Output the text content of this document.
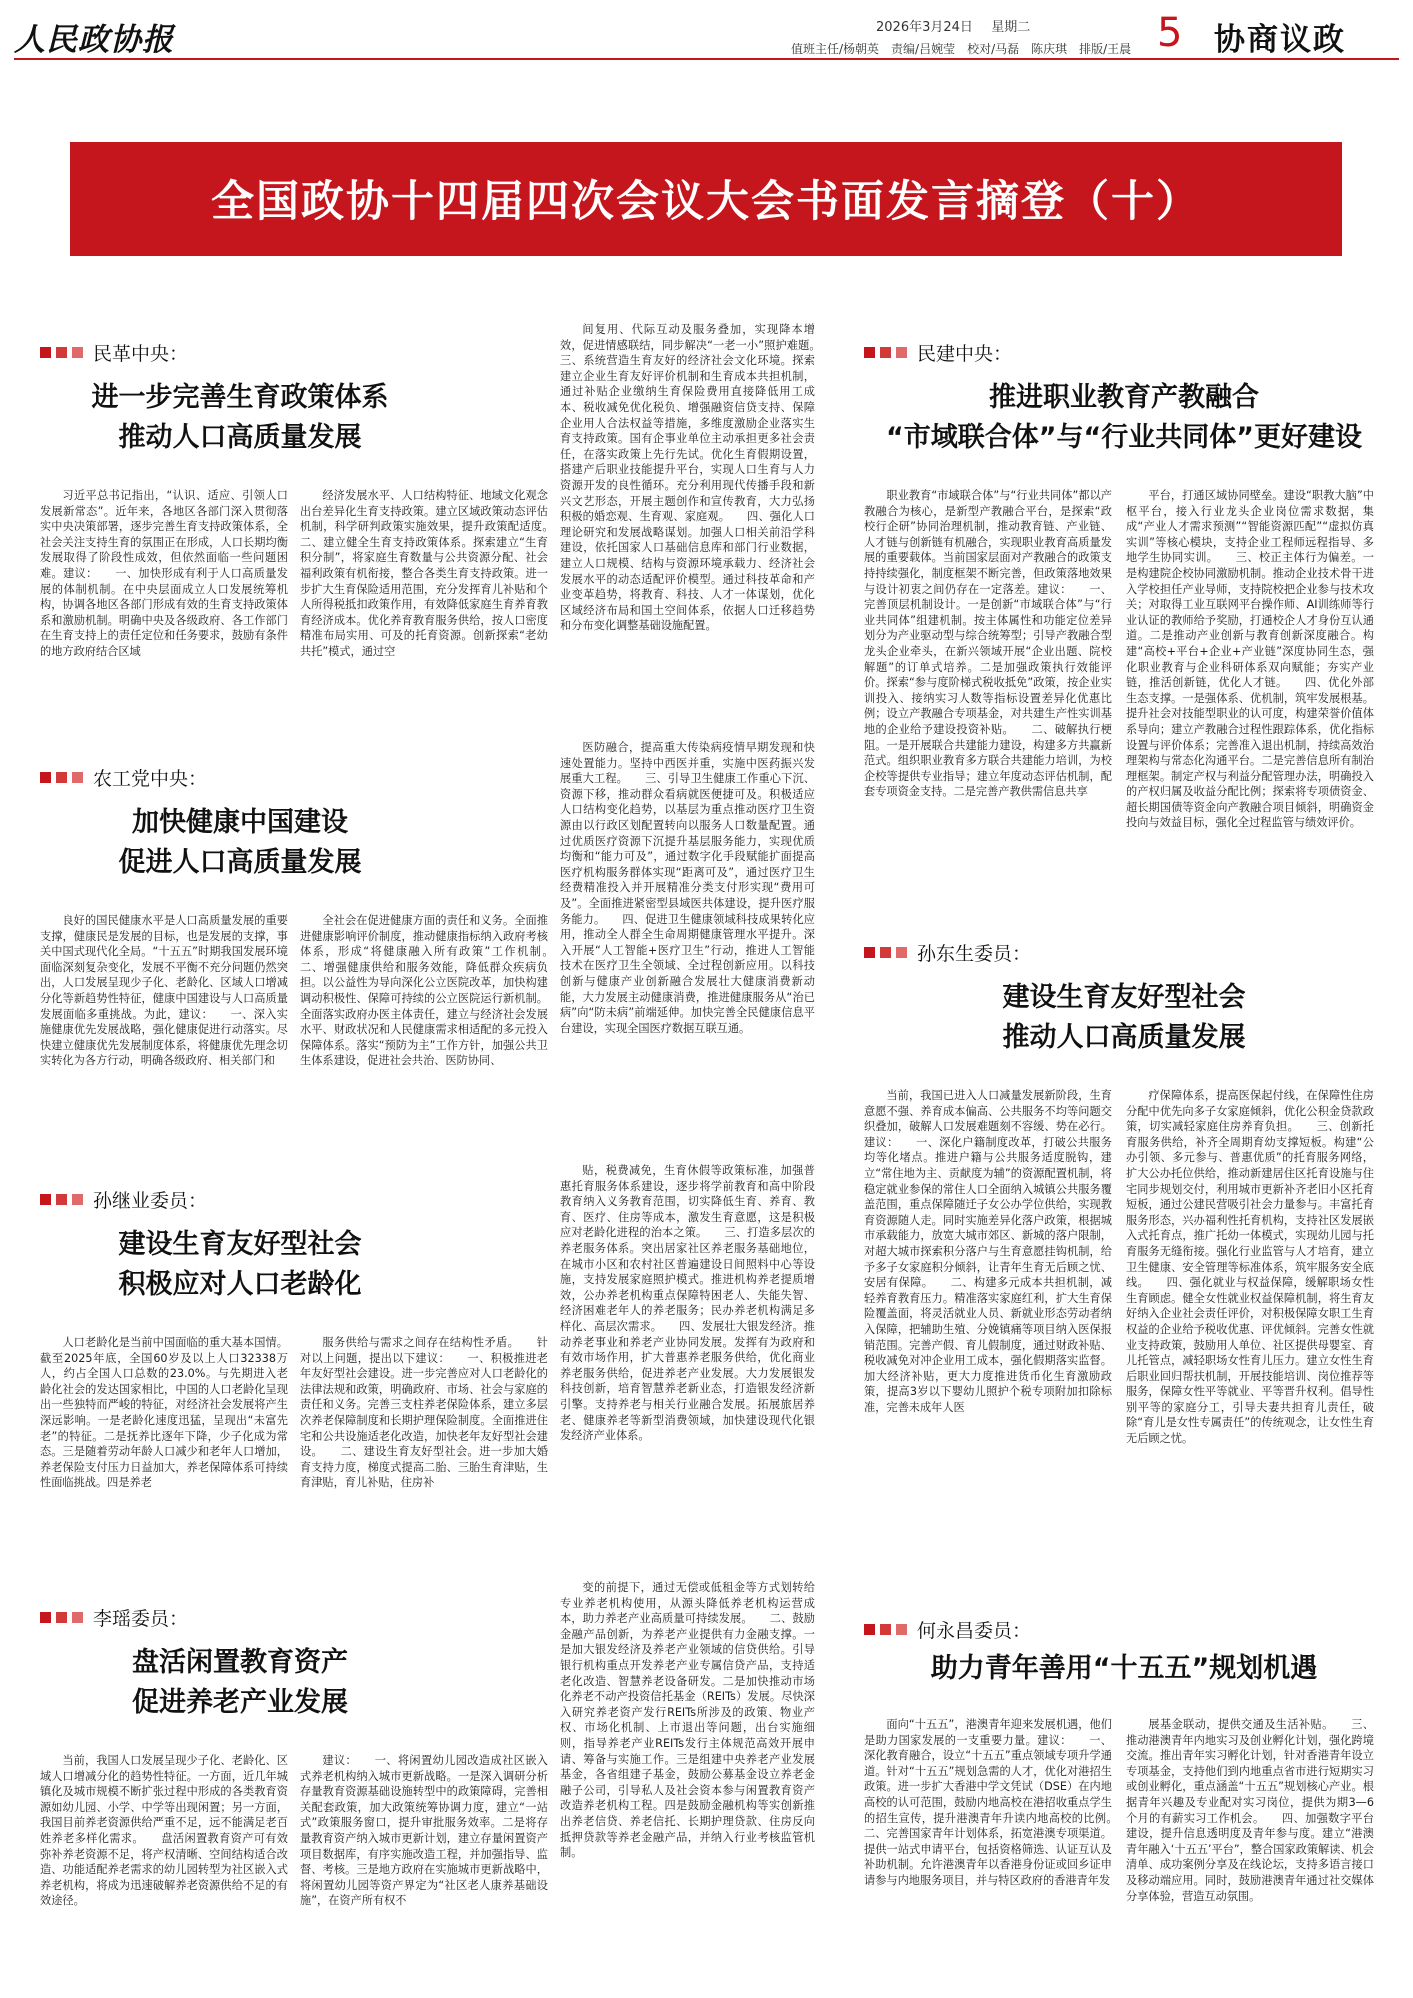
人民政协报	2026年3月24日 星期二
值班主任/杨朝英　责编/吕婉莹　校对/马磊　陈庆琪　排版/王晨 5 协商议政
全国政协十四届四次会议大会书面发言摘登（十）
民革中央：
进一步完善生育政策体系
推动人口高质量发展

习近平总书记指出，“认识、适应、引领人口发展新常态”。近年来，各地区各部门深入贯彻落实中央决策部署，逐步完善生育支持政策体系，全社会关注支持生育的氛围正在形成，人口长期均衡发展取得了阶段性成效，但依然面临一些问题困难。建议：　　一、加快形成有利于人口高质量发展的体制机制。在中央层面成立人口发展统筹机构，协调各地区各部门形成有效的生育支持政策体系和激励机制。明确中央及各级政府、各工作部门在生育支持上的责任定位和任务要求，鼓励有条件的地方政府结合区域

经济发展水平、人口结构特征、地域文化观念出台差异化生育支持政策。建立区域政策动态评估机制，科学研判政策实施效果，提升政策配适度。　　二、建立健全生育支持政策体系。探索建立“生育积分制”，将家庭生育数量与公共资源分配、社会福利政策有机衔接，整合各类生育支持政策。进一步扩大生育保险适用范围，充分发挥育儿补贴和个人所得税抵扣政策作用，有效降低家庭生育养育教育经济成本。优化养育教育服务供给，按人口密度精准布局实用、可及的托育资源。创新探索“老幼共托”模式，通过空

间复用、代际互动及服务叠加，实现降本增效，促进情感联结，同步解决“一老一小”照护难题。　　三、系统营造生育友好的经济社会文化环境。探索建立企业生育友好评价机制和生育成本共担机制，通过补贴企业缴纳生育保险费用直接降低用工成本、税收减免优化税负、增强融资信贷支持、保障企业用人合法权益等措施，多维度激励企业落实生育支持政策。国有企事业单位主动承担更多社会责任，在落实政策上先行先试。优化生育假期设置，搭建产后职业技能提升平台，实现人口生育与人力资源开发的良性循环。充分利用现代传播手段和新兴文艺形态，开展主题创作和宣传教育，大力弘扬积极的婚恋观、生育观、家庭观。　　四、强化人口理论研究和发展战略谋划。加强人口相关前沿学科建设，依托国家人口基础信息库和部门行业数据，建立人口规模、结构与资源环境承载力、经济社会发展水平的动态适配评价模型。通过科技革命和产业变革趋势，将教育、科技、人才一体谋划，优化区域经济布局和国土空间体系，依据人口迁移趋势和分布变化调整基础设施配置。

农工党中央：
加快健康中国建设
促进人口高质量发展

良好的国民健康水平是人口高质量发展的重要支撑，健康民是发展的目标，也是发展的支撑，事关中国式现代化全局。“十五五”时期我国发展环境面临深刻复杂变化，发展不平衡不充分问题仍然突出，人口发展呈现少子化、老龄化、区域人口增减分化等新趋势性特征，健康中国建设与人口高质量发展面临多重挑战。为此，建议：　　一、深入实施健康优先发展战略，强化健康促进行动落实。尽快建立健康优先发展制度体系，将健康优先理念切实转化为各方行动，明确各级政府、相关部门和

全社会在促进健康方面的责任和义务。全面推进健康影响评价制度，推动健康指标纳入政府考核体系，形成“将健康融入所有政策”工作机制。　　二、增强健康供给和服务效能，降低群众疾病负担。以公益性为导向深化公立医院改革，加快构建调动积极性、保障可持续的公立医院运行新机制。全面落实政府办医主体责任，建立与经济社会发展水平、财政状况和人民健康需求相适配的多元投入保障体系。落实“预防为主”工作方针，加强公共卫生体系建设，促进社会共治、医防协同、

医防融合，提高重大传染病疫情早期发现和快速处置能力。坚持中西医并重，实施中医药振兴发展重大工程。　　三、引导卫生健康工作重心下沉、资源下移，推动群众看病就医便捷可及。积极适应人口结构变化趋势，以基层为重点推动医疗卫生资源由以行政区划配置转向以服务人口数量配置。通过优质医疗资源下沉提升基层服务能力，实现优质均衡和“能力可及”，通过数字化手段赋能扩面提高医疗机构服务群体实现“距离可及”，通过医疗卫生经费精准投入并开展精准分类支付形实现“费用可及”。全面推进紧密型县域医共体建设，提升医疗服务能力。　　四、促进卫生健康领域科技成果转化应用，推动全人群全生命周期健康管理水平提升。深入开展“人工智能+医疗卫生”行动，推进人工智能技术在医疗卫生全领域、全过程创新应用。以科技创新与健康产业创新融合发展壮大健康消费新动能，大力发展主动健康消费，推进健康服务从“治已病”向“防未病”前端延伸。加快完善全民健康信息平台建设，实现全国医疗数据互联互通。

孙继业委员：
建设生育友好型社会
积极应对人口老龄化

人口老龄化是当前中国面临的重大基本国情。截至2025年底，全国60岁及以上人口32338万人，约占全国人口总数的23.0%。与先期进入老龄化社会的发达国家相比，中国的人口老龄化呈现出一些独特而严峻的特征，对经济社会发展将产生深远影响。一是老龄化速度迅猛，呈现出“未富先老”的特征。二是抚养比逐年下降，少子化成为常态。三是随着劳动年龄人口减少和老年人口增加，养老保险支付压力日益加大，养老保障体系可持续性面临挑战。四是养老

服务供给与需求之间存在结构性矛盾。　　针对以上问题，提出以下建议：　　一、积极推进老年友好型社会建设。进一步完善应对人口老龄化的法律法规和政策，明确政府、市场、社会与家庭的责任和义务。完善三支柱养老保险体系，建立多层次养老保障制度和长期护理保险制度。全面推进住宅和公共设施适老化改造，加快老年友好型社会建设。　　二、建设生育友好型社会。进一步加大婚育支持力度，梯度式提高二胎、三胎生育津贴，生育津贴，育儿补贴，住房补

贴，税费减免，生育休假等政策标准，加强普惠托育服务体系建设，逐步将学前教育和高中阶段教育纳入义务教育范围，切实降低生育、养育、教育、医疗、住房等成本，激发生育意愿，这是积极应对老龄化进程的治本之策。　　三、打造多层次的养老服务体系。突出居家社区养老服务基础地位，在城市小区和农村社区普遍建设日间照料中心等设施，支持发展家庭照护模式。推进机构养老提质增效，公办养老机构重点保障特困老人、失能失智、经济困难老年人的养老服务；民办养老机构满足多样化、高层次需求。　　四、发展壮大银发经济。推动养老事业和养老产业协同发展。发挥有为政府和有效市场作用，扩大普惠养老服务供给，优化商业养老服务供给，促进养老产业发展。大力发展银发科技创新，培育智慧养老新业态，打造银发经济新引擎。支持养老与相关行业融合发展。拓展旅居养老、健康养老等新型消费领域，加快建设现代化银发经济产业体系。

李瑶委员：
盘活闲置教育资产
促进养老产业发展

当前，我国人口发展呈现少子化、老龄化、区域人口增减分化的趋势性特征。一方面，近几年城镇化及城市规模不断扩张过程中形成的各类教育资源如幼儿园、小学、中学等出现闲置；另一方面，我国目前养老资源供给严重不足，远不能满足老百姓养老多样化需求。　　盘活闲置教育资产可有效弥补养老资源不足，将产权清晰、空间结构适合改造、功能适配养老需求的幼儿园转型为社区嵌入式养老机构，将成为迅速破解养老资源供给不足的有效途径。

建议：　　一、将闲置幼儿园改造成社区嵌入式养老机构纳入城市更新战略。一是深入调研分析存量教育资源基础设施转型中的政策障碍，完善相关配套政策，加大政策统筹协调力度，建立“一站式”政策服务窗口，提升审批服务效率。二是将存量教育资产纳入城市更新计划，建立存量闲置资产项目数据库，有序实施改造工程，并加强指导、监督、考核。三是地方政府在实施城市更新战略中，将闲置幼儿园等资产界定为“社区老人康养基础设施”，在资产所有权不

变的前提下，通过无偿或低租金等方式划转给专业养老机构使用，从源头降低养老机构运营成本，助力养老产业高质量可持续发展。　　二、鼓励金融产品创新，为养老产业提供有力金融支撑。一是加大银发经济及养老产业领域的信贷供给。引导银行机构重点开发养老产业专属信贷产品，支持适老化改造、智慧养老设备研发。二是加快推动市场化养老不动产投资信托基金（REITs）发展。尽快深入研究养老资产发行REITs所涉及的政策、物业产权、市场化机制、上市退出等问题，出台实施细则，指导养老产业REITs发行主体规范高效开展申请、筹备与实施工作。三是组建中央养老产业发展基金，各省组建子基金，鼓励公募基金设立养老金融子公司，引导私人及社会资本参与闲置教育资产改造养老机构工程。四是鼓励金融机构等实创新推出养老信贷、养老信托、长期护理贷款、住房反向抵押贷款等养老金融产品，并纳入行业考核监管机制。

民建中央：
推进职业教育产教融合
“市域联合体”与“行业共同体”更好建设

职业教育“市域联合体”与“行业共同体”都以产教融合为核心，是新型产教融合平台，是探索“政校行企研”协同治理机制，推动教育链、产业链、人才链与创新链有机融合，实现职业教育高质量发展的重要载体。当前国家层面对产教融合的政策支持持续强化，制度框架不断完善，但政策落地效果与设计初衷之间仍存在一定落差。建议：　　一、完善顶层机制设计。一是创新“市域联合体”与“行业共同体”组建机制。按主体属性和功能定位差异划分为产业驱动型与综合统筹型；引导产教融合型龙头企业牵头，在新兴领域开展“企业出题、院校解题”的订单式培养。二是加强政策执行效能评价。探索“参与度阶梯式税收抵免”政策，按企业实训投入、接纳实习人数等指标设置差异化优惠比例；设立产教融合专项基金，对共建生产性实训基地的企业给予建设投资补贴。　　二、破解执行梗阻。一是开展联合共建能力建设，构建多方共赢新范式。组织职业教育多方联合共建能力培训，为校企校等提供专业指导；建立年度动态评估机制，配套专项资金支持。二是完善产教供需信息共享

平台，打通区域协同壁垒。建设“职教大脑”中枢平台，接入行业龙头企业岗位需求数据，集成“产业人才需求预测”“智能资源匹配”“虚拟仿真实训”等核心模块，支持企业工程师远程指导、多地学生协同实训。　　三、校正主体行为偏差。一是构建院企校协同激励机制。推动企业技术骨干进入学校担任产业导师，支持院校把企业参与技术攻关；对取得工业互联网平台操作师、AI训练师等行业认证的教师给予奖励，打通校企人才身份互认通道。二是推动产业创新与教育创新深度融合。构建“高校+平台+企业+产业链”深度协同生态，强化职业教育与企业科研体系双向赋能；夯实产业链，推活创新链，优化人才链。　　四、优化外部生态支撑。一是强体系、优机制，筑牢发展根基。提升社会对技能型职业的认可度，构建荣誉价值体系导向；建立产教融合过程性跟踪体系，优化指标设置与评价体系；完善准入退出机制，持续高效治理架构与常态化沟通平台。二是完善信息所有制治理框架。制定产权与利益分配管理办法，明确投入的产权归属及收益分配比例；探索将专项债资金、超长期国债等资金向产教融合项目倾斜，明确资金投向与效益目标，强化全过程监管与绩效评价。

孙东生委员：
建设生育友好型社会
推动人口高质量发展

当前，我国已进入人口减量发展新阶段，生育意愿不强、养育成本偏高、公共服务不均等问题交织叠加，破解人口发展难题刻不容缓、势在必行。建议：　　一、深化户籍制度改革，打破公共服务均等化堵点。推进户籍与公共服务适度脱钩，建立“常住地为主、贡献度为辅”的资源配置机制，将稳定就业参保的常住人口全面纳入城镇公共服务覆盖范围，重点保障随迁子女公办学位供给，实现教育资源随人走。同时实施差异化落户政策，根据城市承载能力，放宽大城市郊区、新城的落户限制，对超大城市探索积分落户与生育意愿挂钩机制，给予多子女家庭积分倾斜，让青年生育无后顾之忧、安居有保障。　　二、构建多元成本共担机制，减轻养育教育压力。精准落实家庭红利，扩大生育保险覆盖面，将灵活就业人员、新就业形态劳动者纳入保障，把辅助生殖、分娩镇痛等项目纳入医保报销范围。完善产假、育儿假制度，通过财政补贴、税收减免对冲企业用工成本，强化假期落实监督。加大经济补贴，更大力度推进货币化生育激励政策，提高3岁以下婴幼儿照护个税专项附加扣除标准，完善未成年人医

疗保障体系，提高医保起付线，在保障性住房分配中优先向多子女家庭倾斜，优化公积金贷款政策，切实减轻家庭住房养育负担。　　三、创新托育服务供给，补齐全周期育幼支撑短板。构建“公办引领、多元参与、普惠优质”的托育服务网络，扩大公办托位供给，推动新建居住区托育设施与住宅同步规划交付，利用城市更新补齐老旧小区托育短板，通过公建民营吸引社会力量参与。丰富托育服务形态，兴办福利性托育机构，支持社区发展嵌入式托育点，推广托幼一体模式，实现幼儿园与托育服务无缝衔接。强化行业监管与人才培育，建立卫生健康、安全管理等标准体系，筑牢服务安全底线。　　四、强化就业与权益保障，缓解职场女性生育顾虑。健全女性就业权益保障机制，将生育友好纳入企业社会责任评价，对积极保障女职工生育权益的企业给予税收优惠、评优倾斜。完善女性就业支持政策，鼓励用人单位、社区提供母婴室、育儿托管点，减轻职场女性育儿压力。建立女性生育后职业回归帮扶机制，开展技能培训、岗位推荐等服务，保障女性平等就业、平等晋升权利。倡导性别平等的家庭分工，引导夫妻共担育儿责任，破除“育儿是女性专属责任”的传统观念，让女性生育无后顾之忧。

何永昌委员：
助力青年善用“十五五”规划机遇

面向“十五五”，港澳青年迎来发展机遇，他们是助力国家发展的一支重要力量。建议：　　一、深化教育融合，设立“十五五”重点领域专项升学通道。针对“十五五”规划急需的人才，优化对港招生政策。进一步扩大香港中学文凭试（DSE）在内地高校的认可范围，鼓励内地高校在港招收重点学生的招生宣传，提升港澳青年升读内地高校的比例。　　二、完善国家青年计划体系，拓宽港澳专项渠道。提供一站式申请平台，包括资格筛选、认证互认及补助机制。允许港澳青年以香港身份证或回乡证申请参与内地服务项目，并与特区政府的香港青年发

展基金联动，提供交通及生活补贴。　　三、推动港澳青年内地实习及创业孵化计划，强化跨境交流。推出青年实习孵化计划，针对香港青年设立专项基金，支持他们到内地重点省市进行短期实习或创业孵化，重点涵盖“十五五”规划核心产业。根据青年兴趣及专业配对实习岗位，提供为期3—6个月的有薪实习工作机会。　　四、加强数字平台建设，提升信息透明度及青年参与度。建立“港澳青年融入‘十五五’平台”，整合国家政策解读、机会清单、成功案例分享及在线论坛，支持多语言接口及移动端应用。同时，鼓励港澳青年通过社交媒体分享体验，营造互动氛围。
